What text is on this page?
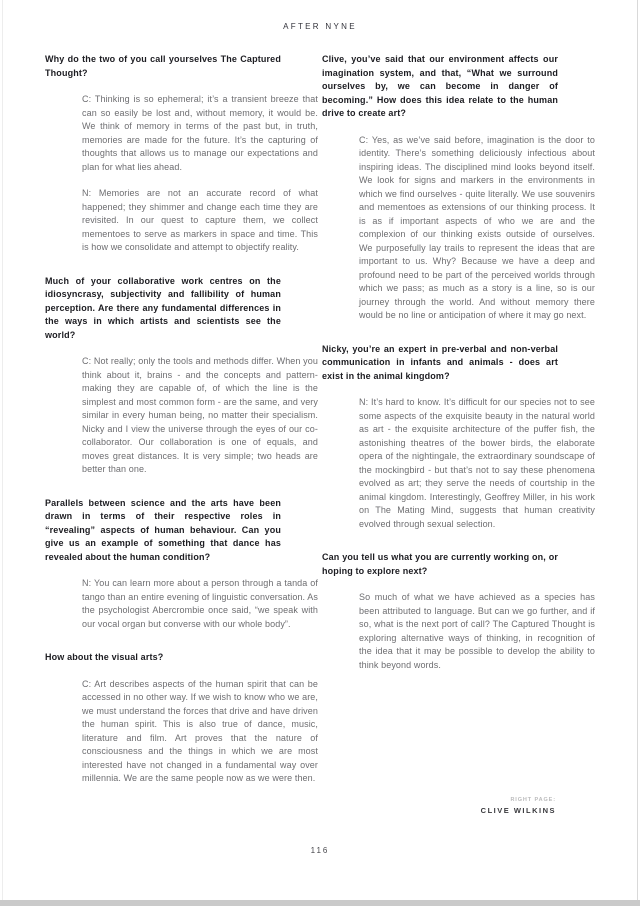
AFTER NYNE
Why do the two of you call yourselves The Captured Thought?
C: Thinking is so ephemeral; it’s a transient breeze that can so easily be lost and, without memory, it would be. We think of memory in terms of the past but, in truth, memories are made for the future. It’s the capturing of thoughts that allows us to manage our expectations and plan for what lies ahead.
N: Memories are not an accurate record of what happened; they shimmer and change each time they are revisited. In our quest to capture them, we collect mementoes to serve as markers in space and time. This is how we consolidate and attempt to objectify reality.
Much of your collaborative work centres on the idiosyncrasy, subjectivity and fallibility of human perception. Are there any fundamental differences in the ways in which artists and scientists see the world?
C: Not really; only the tools and methods differ. When you think about it, brains - and the concepts and pattern-making they are capable of, of which the line is the simplest and most common form - are the same, and very similar in every human being, no matter their specialism. Nicky and I view the universe through the eyes of our co-collaborator. Our collaboration is one of equals, and moves great distances. It is very simple; two heads are better than one.
Parallels between science and the arts have been drawn in terms of their respective roles in “revealing” aspects of human behaviour. Can you give us an example of something that dance has revealed about the human condition?
N: You can learn more about a person through a tanda of tango than an entire evening of linguistic conversation. As the psychologist Abercrombie once said, “we speak with our vocal organ but converse with our whole body”.
How about the visual arts?
C: Art describes aspects of the human spirit that can be accessed in no other way. If we wish to know who we are, we must understand the forces that drive and have driven the human spirit. This is also true of dance, music, literature and film. Art proves that the nature of consciousness and the things in which we are most interested have not changed in a fundamental way over millennia. We are the same people now as we were then.
Clive, you’ve said that our environment affects our imagination system, and that, “What we surround ourselves by, we can become in danger of becoming.” How does this idea relate to the human drive to create art?
C: Yes, as we’ve said before, imagination is the door to identity. There’s something deliciously infectious about inspiring ideas. The disciplined mind looks beyond itself. We look for signs and markers in the environments in which we find ourselves - quite literally. We use souvenirs and mementoes as extensions of our thinking process. It is as if important aspects of who we are and the complexion of our thinking exists outside of ourselves. We purposefully lay trails to represent the ideas that are important to us. Why? Because we have a deep and profound need to be part of the perceived worlds through which we pass; as much as a story is a line, so is our journey through the world. And without memory there would be no line or anticipation of where it may go next.
Nicky, you’re an expert in pre-verbal and non-verbal communication in infants and animals - does art exist in the animal kingdom?
N: It’s hard to know. It’s difficult for our species not to see some aspects of the exquisite beauty in the natural world as art - the exquisite architecture of the puffer fish, the astonishing theatres of the bower birds, the elaborate opera of the nightingale, the extraordinary soundscape of the mockingbird - but that’s not to say these phenomena evolved as art; they serve the needs of courtship in the animal kingdom. Interestingly, Geoffrey Miller, in his work on The Mating Mind, suggests that human creativity evolved through sexual selection.
Can you tell us what you are currently working on, or hoping to explore next?
So much of what we have achieved as a species has been attributed to language. But can we go further, and if so, what is the next port of call? The Captured Thought is exploring alternative ways of thinking, in recognition of the idea that it may be possible to develop the ability to think beyond words.
RIGHT PAGE:
CLIVE WILKINS
116
